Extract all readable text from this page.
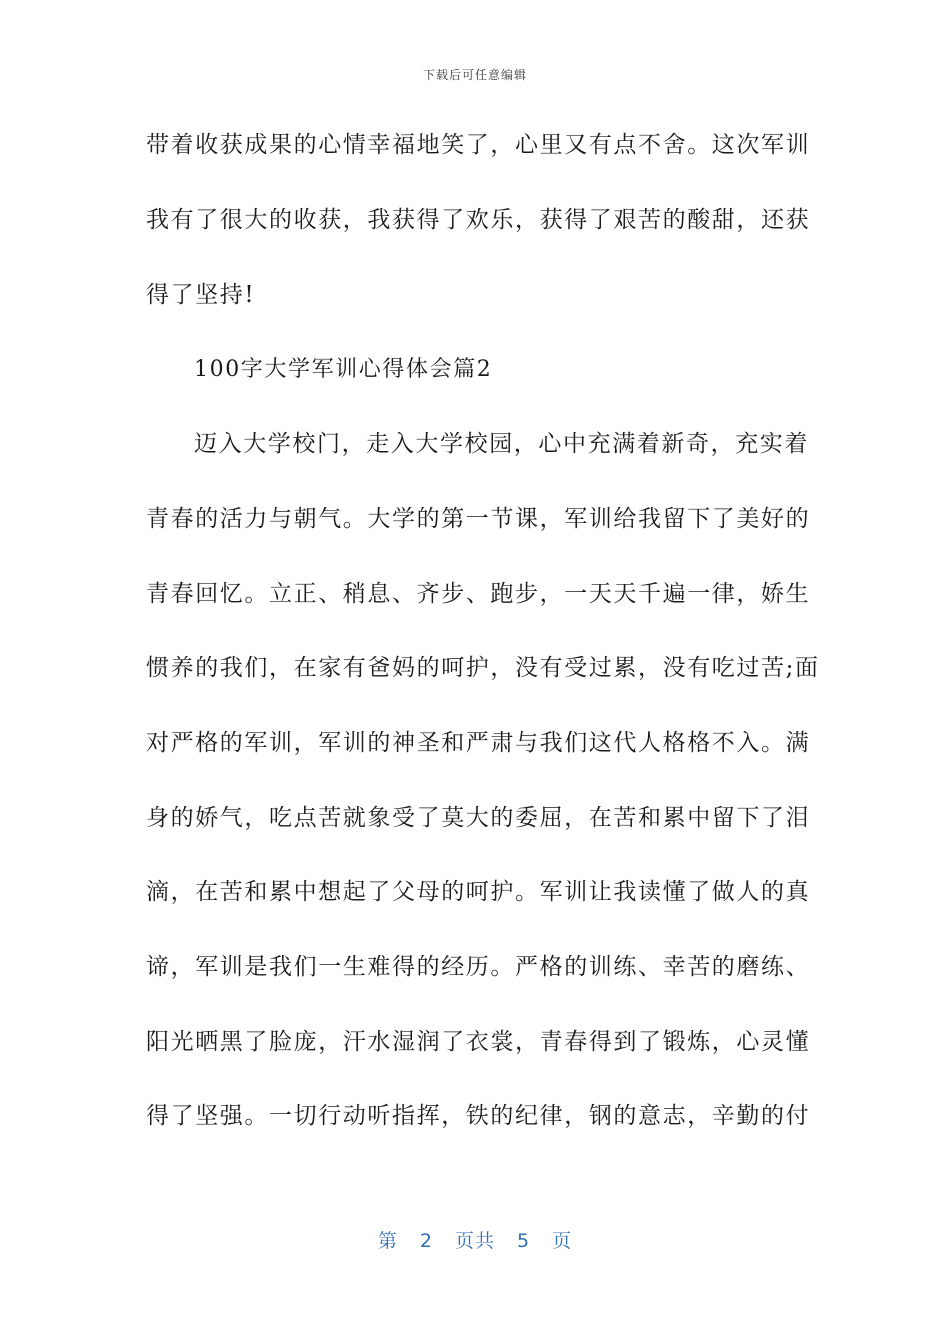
下载后可任意编辑
带着收获成果的心情幸福地笑了，心里又有点不舍。这次军训
我有了很大的收获，我获得了欢乐，获得了艰苦的酸甜，还获
得了坚持!
100字大学军训心得体会篇2
迈入大学校门，走入大学校园，心中充满着新奇，充实着
青春的活力与朝气。大学的第一节课，军训给我留下了美好的
青春回忆。立正、稍息、齐步、跑步，一天天千遍一律，娇生
惯养的我们，在家有爸妈的呵护，没有受过累，没有吃过苦;面
对严格的军训，军训的神圣和严肃与我们这代人格格不入。满
身的娇气，吃点苦就象受了莫大的委屈，在苦和累中留下了泪
滴，在苦和累中想起了父母的呵护。军训让我读懂了做人的真
谛，军训是我们一生难得的经历。严格的训练、幸苦的磨练、
阳光晒黑了脸庞，汗水湿润了衣裳，青春得到了锻炼，心灵懂
得了坚强。一切行动听指挥，铁的纪律，钢的意志，辛勤的付
第 2 页共 5 页
